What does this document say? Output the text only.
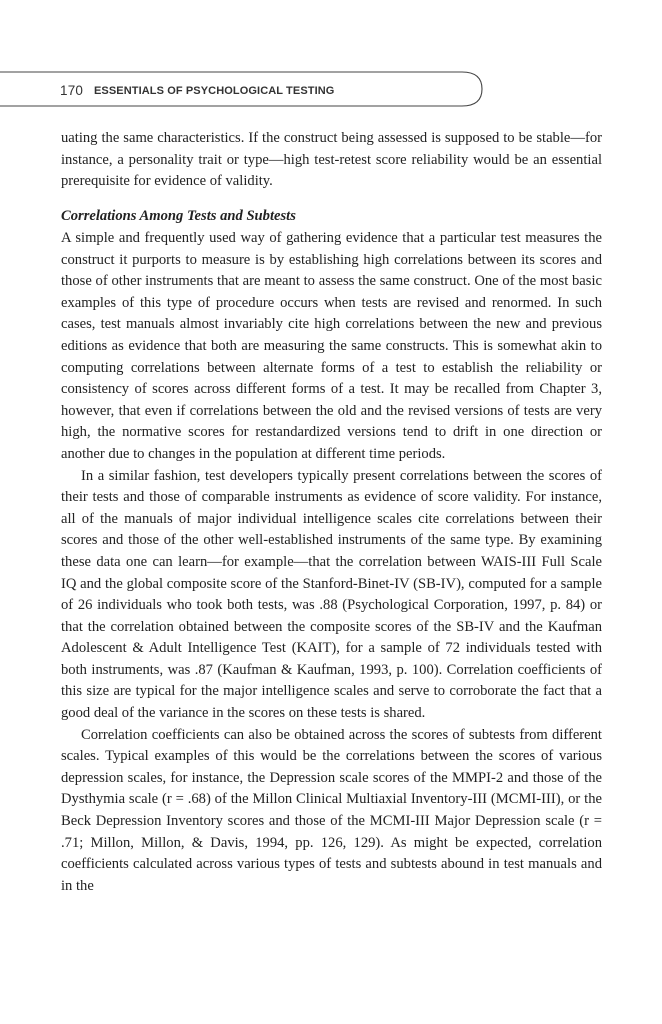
170 ESSENTIALS OF PSYCHOLOGICAL TESTING

uating the same characteristics. If the construct being assessed is supposed to be stable—for instance, a personality trait or type—high test-retest score reliability would be an essential prerequisite for evidence of validity.

Correlations Among Tests and Subtests

A simple and frequently used way of gathering evidence that a particular test measures the construct it purports to measure is by establishing high correlations between its scores and those of other instruments that are meant to assess the same construct. One of the most basic examples of this type of procedure occurs when tests are revised and renormed. In such cases, test manuals almost invariably cite high correlations between the new and previous editions as evidence that both are measuring the same constructs. This is somewhat akin to computing correlations between alternate forms of a test to establish the reliability or consistency of scores across different forms of a test. It may be recalled from Chapter 3, however, that even if correlations between the old and the revised versions of tests are very high, the normative scores for restandardized versions tend to drift in one direction or another due to changes in the population at different time periods.

In a similar fashion, test developers typically present correlations between the scores of their tests and those of comparable instruments as evidence of score validity. For instance, all of the manuals of major individual intelligence scales cite correlations between their scores and those of the other well-established instruments of the same type. By examining these data one can learn—for example—that the correlation between WAIS-III Full Scale IQ and the global composite score of the Stanford-Binet-IV (SB-IV), computed for a sample of 26 individuals who took both tests, was .88 (Psychological Corporation, 1997, p. 84) or that the correlation obtained between the composite scores of the SB-IV and the Kaufman Adolescent & Adult Intelligence Test (KAIT), for a sample of 72 individuals tested with both instruments, was .87 (Kaufman & Kaufman, 1993, p. 100). Correlation coefficients of this size are typical for the major intelligence scales and serve to corroborate the fact that a good deal of the variance in the scores on these tests is shared.

Correlation coefficients can also be obtained across the scores of subtests from different scales. Typical examples of this would be the correlations between the scores of various depression scales, for instance, the Depression scale scores of the MMPI-2 and those of the Dysthymia scale (r = .68) of the Millon Clinical Multiaxial Inventory-III (MCMI-III), or the Beck Depression Inventory scores and those of the MCMI-III Major Depression scale (r = .71; Millon, Millon, & Davis, 1994, pp. 126, 129). As might be expected, correlation coefficients calculated across various types of tests and subtests abound in test manuals and in the
